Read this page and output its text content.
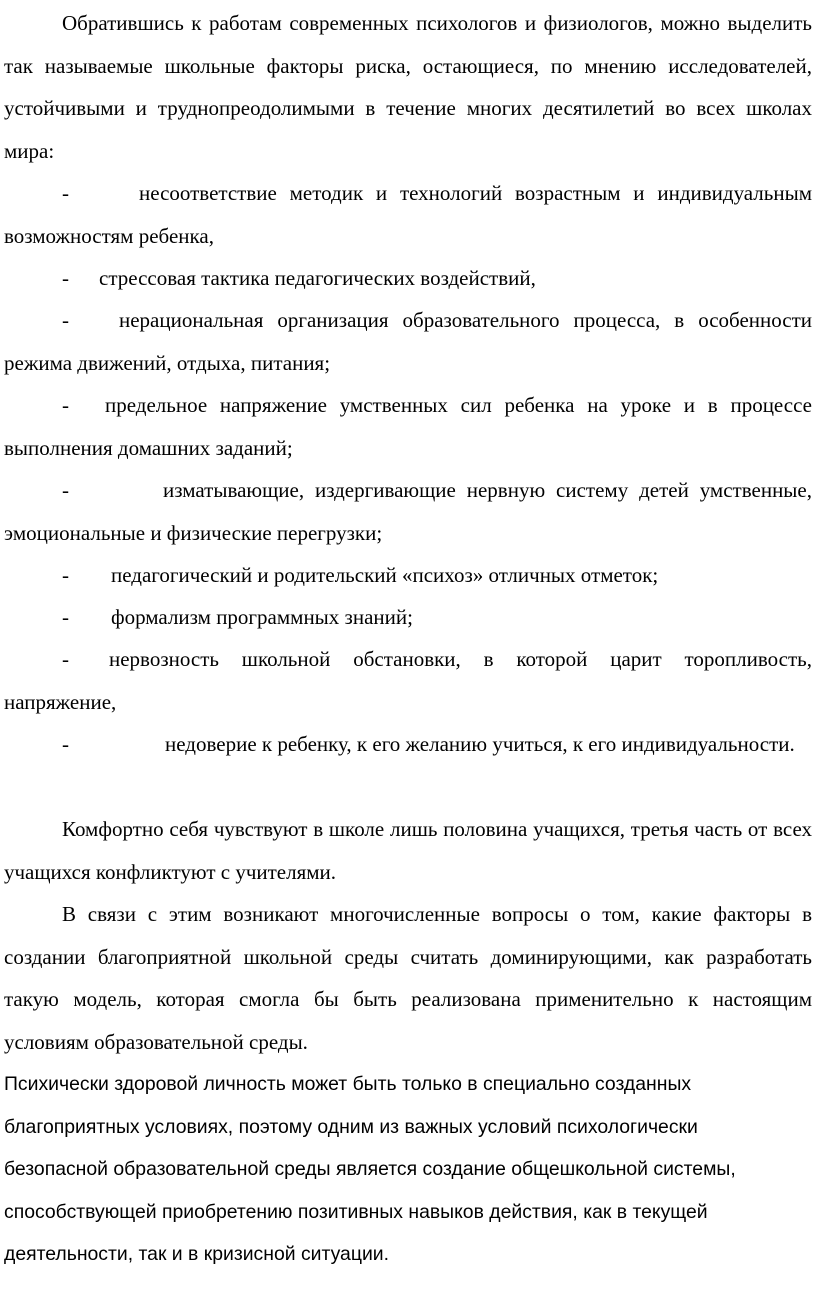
Обратившись к работам современных психологов и физиологов, можно выделить так называемые школьные факторы риска, остающиеся, по мнению исследователей, устойчивыми и труднопреодолимыми в течение многих десятилетий во всех школах мира:

-	несоответствие методик и технологий возрастным и индивидуальным возможностям ребенка,
- стрессовая тактика педагогических воздействий,
- нерациональная организация образовательного процесса, в особенности режима движений, отдыха, питания;
- предельное напряжение умственных сил ребенка на уроке и в процессе выполнения домашних заданий;
-	изматывающие, издергивающие нервную систему детей умственные, эмоциональные и физические перегрузки;
- педагогический и родительский «психоз» отличных отметок;
- формализм программных знаний;
- нервозность школьной обстановки, в которой царит торопливость, напряжение,
-	недоверие к ребенку, к его желанию учиться, к его индивидуальности.

Комфортно себя чувствуют в школе лишь половина учащихся, третья часть от всех учащихся конфликтуют с учителями.

В связи с этим возникают многочисленные вопросы о том, какие факторы в создании благоприятной школьной среды считать доминирующими, как разработать такую модель, которая смогла бы быть реализована применительно к настоящим условиям образовательной среды.

Психически здоровой личность может быть только в специально созданных благоприятных условиях, поэтому одним из важных условий психологически безопасной образовательной среды является создание общешкольной системы, способствующей приобретению позитивных навыков действия, как в текущей деятельности, так и в кризисной ситуации.
